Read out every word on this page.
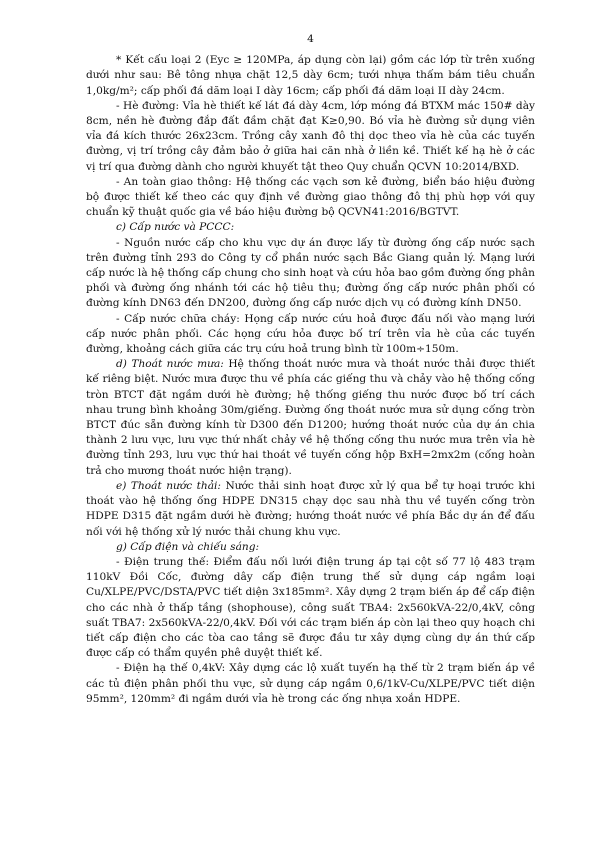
4

* Kết cấu loại 2 (Eyc ≥ 120MPa, áp dụng còn lại) gồm các lớp từ trên xuống dưới như sau: Bê tông nhựa chặt 12,5 dày 6cm; tưới nhựa thấm bám tiêu chuẩn 1,0kg/m²; cấp phối đá dăm loại I dày 16cm; cấp phối đá dăm loại II dày 24cm.

- Hè đường: Vỉa hè thiết kế lát đá dày 4cm, lớp móng đá BTXM mác 150# dày 8cm, nền hè đường đắp đất đầm chặt đạt K≥0,90. Bó vỉa hè đường sử dụng viên vỉa đá kích thước 26x23cm. Trồng cây xanh đô thị dọc theo vỉa hè của các tuyến đường, vị trí trồng cây đảm bảo ở giữa hai căn nhà ở liền kề. Thiết kế hạ hè ở các vị trí qua đường dành cho người khuyết tật theo Quy chuẩn QCVN 10:2014/BXD.

- An toàn giao thông: Hệ thống các vạch sơn kẻ đường, biển báo hiệu đường bộ được thiết kế theo các quy định về đường giao thông đô thị phù hợp với quy chuẩn kỹ thuật quốc gia về báo hiệu đường bộ QCVN41:2016/BGTVT.

c) Cấp nước và PCCC:

- Nguồn nước cấp cho khu vực dự án được lấy từ đường ống cấp nước sạch trên đường tỉnh 293 do Công ty cổ phần nước sạch Bắc Giang quản lý. Mạng lưới cấp nước là hệ thống cấp chung cho sinh hoạt và cứu hỏa bao gồm đường ống phân phối và đường ống nhánh tới các hộ tiêu thụ; đường ống cấp nước phân phối có đường kính DN63 đến DN200, đường ống cấp nước dịch vụ có đường kính DN50.

- Cấp nước chữa cháy: Họng cấp nước cứu hoả được đấu nối vào mạng lưới cấp nước phân phối. Các họng cứu hỏa được bố trí trên vỉa hè của các tuyến đường, khoảng cách giữa các trụ cứu hoả trung bình từ 100m÷150m.

d) Thoát nước mưa: Hệ thống thoát nước mưa và thoát nước thải được thiết kế riêng biệt. Nước mưa được thu về phía các giếng thu và chảy vào hệ thống cống tròn BTCT đặt ngầm dưới hè đường; hệ thống giếng thu nước được bố trí cách nhau trung bình khoảng 30m/giếng. Đường ống thoát nước mưa sử dụng cống tròn BTCT đúc sẵn đường kính từ D300 đến D1200; hướng thoát nước của dự án chia thành 2 lưu vực, lưu vực thứ nhất chảy về hệ thống cống thu nước mưa trên vỉa hè đường tỉnh 293, lưu vực thứ hai thoát về tuyến cống hộp BxH=2mx2m (cống hoàn trả cho mương thoát nước hiện trạng).

e) Thoát nước thải: Nước thải sinh hoạt được xử lý qua bể tự hoại trước khi thoát vào hệ thống ống HDPE DN315 chạy dọc sau nhà thu về tuyến cống tròn HDPE D315 đặt ngầm dưới hè đường; hướng thoát nước về phía Bắc dự án để đấu nối với hệ thống xử lý nước thải chung khu vực.

g) Cấp điện và chiếu sáng:

- Điện trung thế: Điểm đấu nối lưới điện trung áp tại cột số 77 lộ 483 trạm 110kV Đồi Cốc, đường dây cấp điện trung thế sử dụng cáp ngầm loại Cu/XLPE/PVC/DSTA/PVC tiết diện 3x185mm². Xây dựng 2 trạm biến áp để cấp điện cho các nhà ở thấp tầng (shophouse), công suất TBA4: 2x560kVA-22/0,4kV, công suất TBA7: 2x560kVA-22/0,4kV. Đối với các trạm biến áp còn lại theo quy hoạch chi tiết cấp điện cho các tòa cao tầng sẽ được đầu tư xây dựng cùng dự án thứ cấp được cấp có thẩm quyền phê duyệt thiết kế.

- Điện hạ thế 0,4kV: Xây dựng các lộ xuất tuyến hạ thế từ 2 trạm biến áp về các tủ điện phân phối thu vực, sử dụng cáp ngầm 0,6/1kV-Cu/XLPE/PVC tiết diện 95mm², 120mm² đi ngầm dưới vỉa hè trong các ống nhựa xoắn HDPE.
